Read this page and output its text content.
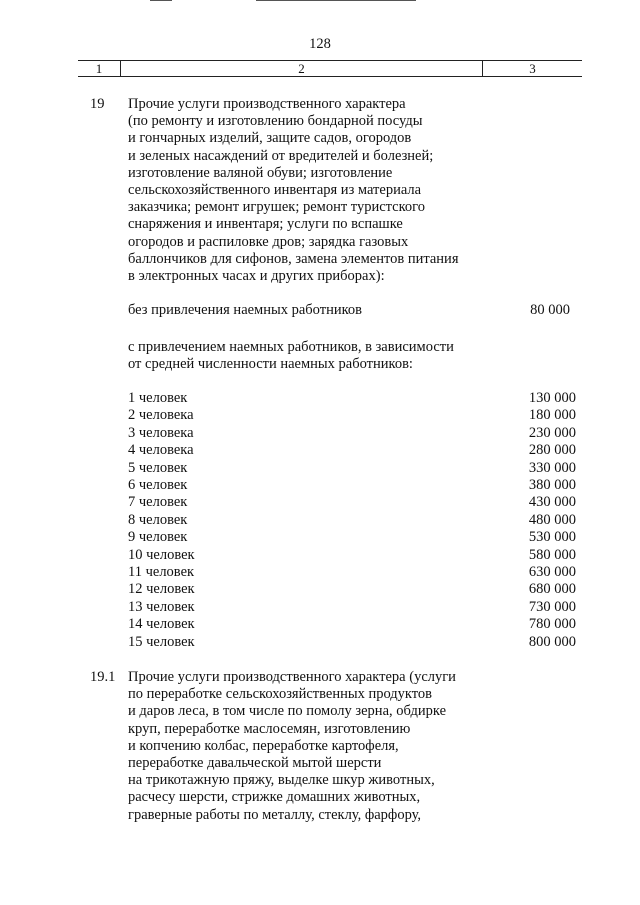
128
1	2	3
19 Прочие услуги производственного характера
(по ремонту и изготовлению бондарной посуды
и гончарных изделий, защите садов, огородов
и зеленых насаждений от вредителей и болезней;
изготовление валяной обуви; изготовление
сельскохозяйственного инвентаря из материала
заказчика; ремонт игрушек; ремонт туристского
снаряжения и инвентаря; услуги по вспашке
огородов и распиловке дров; зарядка газовых
баллончиков для сифонов, замена элементов питания
в электронных часах и других приборах):
без привлечения наемных работников	80 000
с привлечением наемных работников, в зависимости
от средней численности наемных работников:
1 человек	130 000
2 человека	180 000
3 человека	230 000
4 человека	280 000
5 человек	330 000
6 человек	380 000
7 человек	430 000
8 человек	480 000
9 человек	530 000
10 человек	580 000
11 человек	630 000
12 человек	680 000
13 человек	730 000
14 человек	780 000
15 человек	800 000
19.1 Прочие услуги производственного характера (услуги
по переработке сельскохозяйственных продуктов
и даров леса, в том числе по помолу зерна, обдирке
круп, переработке маслосемян, изготовлению
и копчению колбас, переработке картофеля,
переработке давальческой мытой шерсти
на трикотажную пряжу, выделке шкур животных,
расчесу шерсти, стрижке домашних животных,
граверные работы по металлу, стеклу, фарфору,
